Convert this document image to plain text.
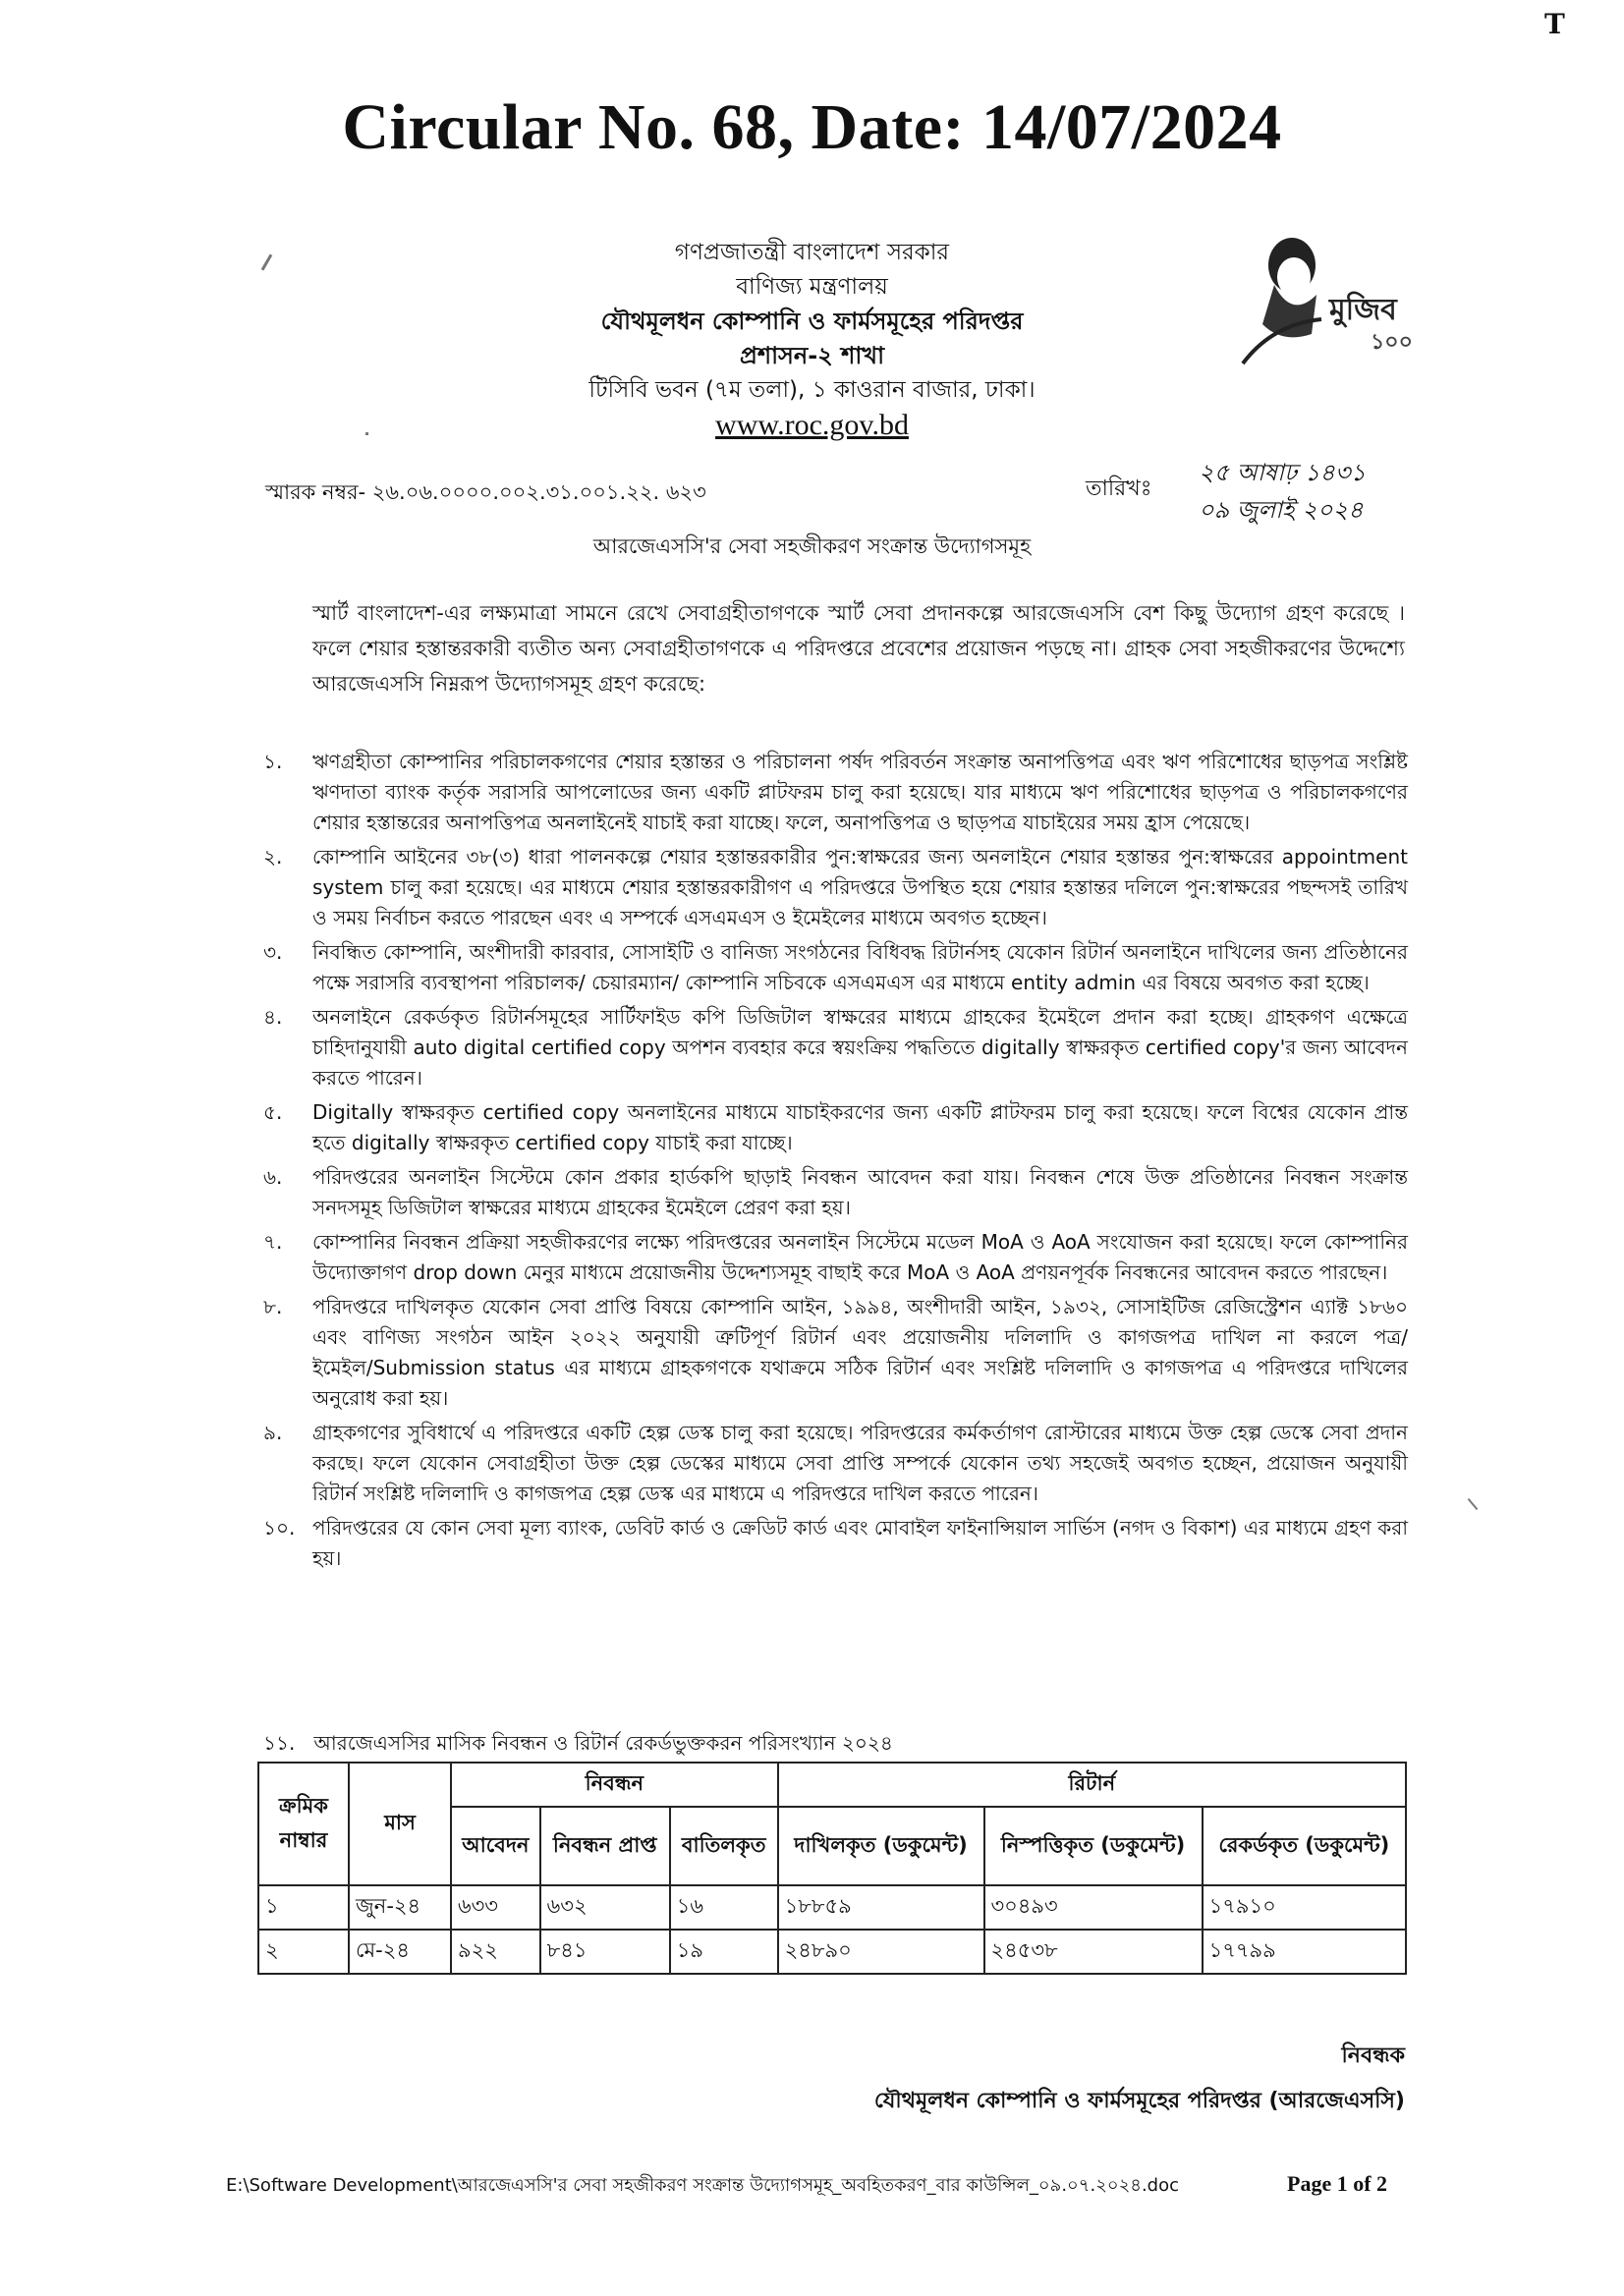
T
Circular No. 68, Date: 14/07/2024
গণপ্রজাতন্ত্রী বাংলাদেশ সরকার
বাণিজ্য মন্ত্রণালয়
যৌথমূলধন কোম্পানি ও ফার্মসমূহের পরিদপ্তর
প্রশাসন-২ শাখা
টিসিবি ভবন (৭ম তলা), ১ কাওরান বাজার, ঢাকা।
www.roc.gov.bd
মুজিব
১০০
স্মারক নম্বর- ২৬.০৬.০০০০.০০২.৩১.০০১.২২. ৬২৩	তারিখঃ
২৫ আষাঢ় ১৪৩১
০৯ জুলাই ২০২৪
আরজেএসসি'র সেবা সহজীকরণ সংক্রান্ত উদ্যোগসমূহ
স্মার্ট বাংলাদেশ-এর লক্ষ্যমাত্রা সামনে রেখে সেবাগ্রহীতাগণকে স্মার্ট সেবা প্রদানকল্পে আরজেএসসি বেশ কিছু উদ্যোগ গ্রহণ করেছে । ফলে শেয়ার হস্তান্তরকারী ব্যতীত অন্য সেবাগ্রহীতাগণকে এ পরিদপ্তরে প্রবেশের প্রয়োজন পড়ছে না। গ্রাহক সেবা সহজীকরণের উদ্দেশ্যে আরজেএসসি নিম্নরূপ উদ্যোগসমূহ গ্রহণ করেছে:
১.	ঋণগ্রহীতা কোম্পানির পরিচালকগণের শেয়ার হস্তান্তর ও পরিচালনা পর্ষদ পরিবর্তন সংক্রান্ত অনাপত্তিপত্র এবং ঋণ পরিশোধের ছাড়পত্র সংশ্লিষ্ট ঋণদাতা ব্যাংক কর্তৃক সরাসরি আপলোডের জন্য একটি প্লাটফরম চালু করা হয়েছে। যার মাধ্যমে ঋণ পরিশোধের ছাড়পত্র ও পরিচালকগণের শেয়ার হস্তান্তরের অনাপত্তিপত্র অনলাইনেই যাচাই করা যাচ্ছে। ফলে, অনাপত্তিপত্র ও ছাড়পত্র যাচাইয়ের সময় হ্রাস পেয়েছে।
২.	কোম্পানি আইনের ৩৮(৩) ধারা পালনকল্পে শেয়ার হস্তান্তরকারীর পুন:স্বাক্ষরের জন্য অনলাইনে শেয়ার হস্তান্তর পুন:স্বাক্ষরের appointment system চালু করা হয়েছে। এর মাধ্যমে শেয়ার হস্তান্তরকারীগণ এ পরিদপ্তরে উপস্থিত হয়ে শেয়ার হস্তান্তর দলিলে পুন:স্বাক্ষরের পছন্দসই তারিখ ও সময় নির্বাচন করতে পারছেন এবং এ সম্পর্কে এসএমএস ও ইমেইলের মাধ্যমে অবগত হচ্ছেন।
৩.	নিবন্ধিত কোম্পানি, অংশীদারী কারবার, সোসাইটি ও বানিজ্য সংগঠনের বিধিবদ্ধ রিটার্নসহ যেকোন রিটার্ন অনলাইনে দাখিলের জন্য প্রতিষ্ঠানের পক্ষে সরাসরি ব্যবস্থাপনা পরিচালক/ চেয়ারম্যান/ কোম্পানি সচিবকে এসএমএস এর মাধ্যমে entity admin এর বিষয়ে অবগত করা হচ্ছে।
৪.	অনলাইনে রেকর্ডকৃত রিটার্নসমূহের সার্টিফাইড কপি ডিজিটাল স্বাক্ষরের মাধ্যমে গ্রাহকের ইমেইলে প্রদান করা হচ্ছে। গ্রাহকগণ এক্ষেত্রে চাহিদানুযায়ী auto digital certified copy অপশন ব্যবহার করে স্বয়ংক্রিয় পদ্ধতিতে digitally স্বাক্ষরকৃত certified copy'র জন্য আবেদন করতে পারেন।
৫.	Digitally স্বাক্ষরকৃত certified copy অনলাইনের মাধ্যমে যাচাইকরণের জন্য একটি প্লাটফরম চালু করা হয়েছে। ফলে বিশ্বের যেকোন প্রান্ত হতে digitally স্বাক্ষরকৃত certified copy যাচাই করা যাচ্ছে।
৬.	পরিদপ্তরের অনলাইন সিস্টেমে কোন প্রকার হার্ডকপি ছাড়াই নিবন্ধন আবেদন করা যায়। নিবন্ধন শেষে উক্ত প্রতিষ্ঠানের নিবন্ধন সংক্রান্ত সনদসমূহ ডিজিটাল স্বাক্ষরের মাধ্যমে গ্রাহকের ইমেইলে প্রেরণ করা হয়।
৭.	কোম্পানির নিবন্ধন প্রক্রিয়া সহজীকরণের লক্ষ্যে পরিদপ্তরের অনলাইন সিস্টেমে মডেল MoA ও AoA সংযোজন করা হয়েছে। ফলে কোম্পানির উদ্যোক্তাগণ drop down মেনুর মাধ্যমে প্রয়োজনীয় উদ্দেশ্যসমূহ বাছাই করে MoA ও AoA প্রণয়নপূর্বক নিবন্ধনের আবেদন করতে পারছেন।
৮.	পরিদপ্তরে দাখিলকৃত যেকোন সেবা প্রাপ্তি বিষয়ে কোম্পানি আইন, ১৯৯৪, অংশীদারী আইন, ১৯৩২, সোসাইটিজ রেজিস্ট্রেশন এ্যাক্ট ১৮৬০ এবং বাণিজ্য সংগঠন আইন ২০২২ অনুযায়ী ত্রুটিপূর্ণ রিটার্ন এবং প্রয়োজনীয় দলিলাদি ও কাগজপত্র দাখিল না করলে পত্র/ইমেইল/Submission status এর মাধ্যমে গ্রাহকগণকে যথাক্রমে সঠিক রিটার্ন এবং সংশ্লিষ্ট দলিলাদি ও কাগজপত্র এ পরিদপ্তরে দাখিলের অনুরোধ করা হয়।
৯.	গ্রাহকগণের সুবিধার্থে এ পরিদপ্তরে একটি হেল্প ডেস্ক চালু করা হয়েছে। পরিদপ্তরের কর্মকর্তাগণ রোস্টারের মাধ্যমে উক্ত হেল্প ডেস্কে সেবা প্রদান করছে। ফলে যেকোন সেবাগ্রহীতা উক্ত হেল্প ডেস্কের মাধ্যমে সেবা প্রাপ্তি সম্পর্কে যেকোন তথ্য সহজেই অবগত হচ্ছেন, প্রয়োজন অনুযায়ী রিটার্ন সংশ্লিষ্ট দলিলাদি ও কাগজপত্র হেল্প ডেস্ক এর মাধ্যমে এ পরিদপ্তরে দাখিল করতে পারেন।
১০. পরিদপ্তরের যে কোন সেবা মূল্য ব্যাংক, ডেবিট কার্ড ও ক্রেডিট কার্ড এবং মোবাইল ফাইনান্সিয়াল সার্ভিস (নগদ ও বিকাশ) এর মাধ্যমে গ্রহণ করা হয়।
১১. আরজেএসসির মাসিক নিবন্ধন ও রিটার্ন রেকর্ডভুক্তকরন পরিসংখ্যান ২০২৪
ক্রমিক নাম্বার	মাস	নিবন্ধন			রিটার্ন		
		আবেদন	নিবন্ধন প্রাপ্ত	বাতিলকৃত	দাখিলকৃত (ডকুমেন্ট)	নিস্পত্তিকৃত (ডকুমেন্ট)	রেকর্ডকৃত (ডকুমেন্ট)
১	জুন-২৪	৬৩৩	৬৩২	১৬	১৮৮৫৯	৩০৪৯৩	১৭৯১০
২	মে-২৪	৯২২	৮৪১	১৯	২৪৮৯০	২৪৫৩৮	১৭৭৯৯
নিবন্ধক
যৌথমূলধন কোম্পানি ও ফার্মসমূহের পরিদপ্তর (আরজেএসসি)
E:\Software Development\আরজেএসসি'র সেবা সহজীকরণ সংক্রান্ত উদ্যোগসমূহ_অবহিতকরণ_বার কাউন্সিল_০৯.০৭.২০২৪.doc	Page 1 of 2
